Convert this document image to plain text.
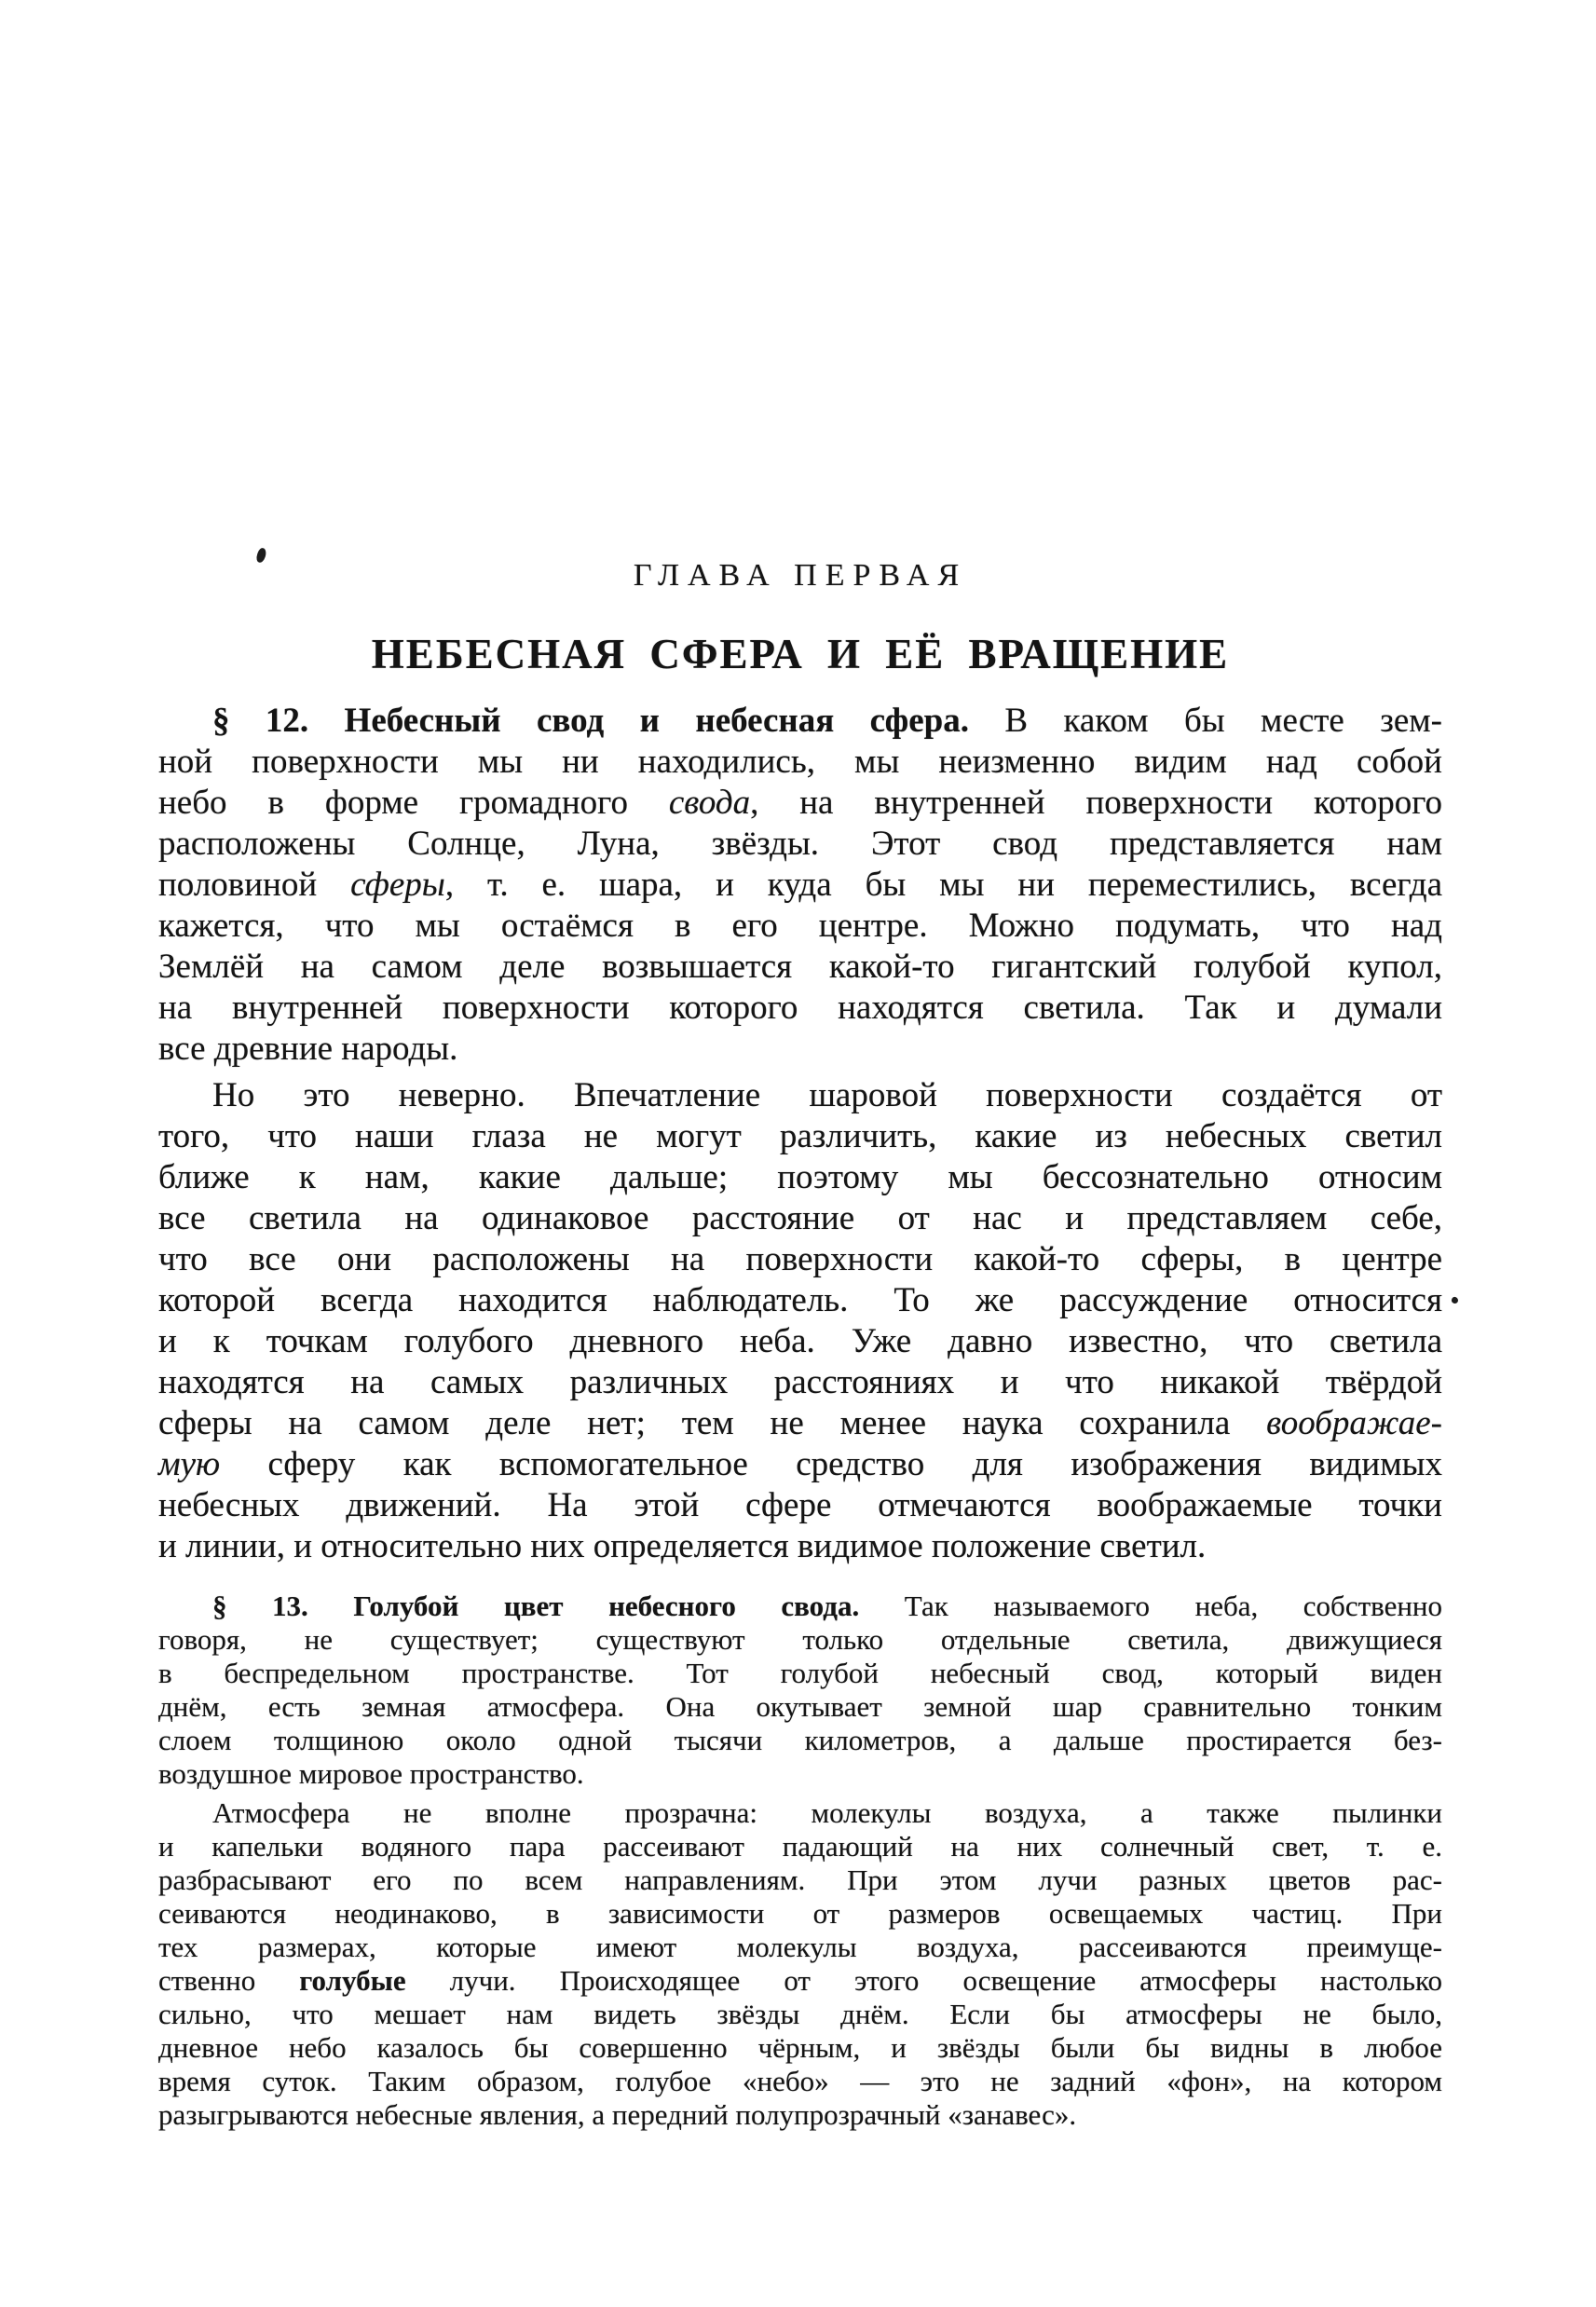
ГЛАВА ПЕРВАЯ
НЕБЕСНАЯ СФЕРА И ЕЁ ВРАЩЕНИЕ
§ 12. Небесный свод и небесная сфера. В каком бы месте зем-
ной поверхности мы ни находились, мы неизменно видим над собой
небо в форме громадного свода, на внутренней поверхности которого
расположены Солнце, Луна, звёзды. Этот свод представляется нам
половиной сферы, т. е. шара, и куда бы мы ни переместились, всегда
кажется, что мы остаёмся в его центре. Можно подумать, что над
Землёй на самом деле возвышается какой-то гигантский голубой купол,
на внутренней поверхности которого находятся светила. Так и думали
все древние народы.
Но это неверно. Впечатление шаровой поверхности создаётся от
того, что наши глаза не могут различить, какие из небесных светил
ближе к нам, какие дальше; поэтому мы бессознательно относим
все светила на одинаковое расстояние от нас и представляем себе,
что все они расположены на поверхности какой-то сферы, в центре
которой всегда находится наблюдатель. То же рассуждение относится
и к точкам голубого дневного неба. Уже давно известно, что светила
находятся на самых различных расстояниях и что никакой твёрдой
сферы на самом деле нет; тем не менее наука сохранила воображае-
мую сферу как вспомогательное средство для изображения видимых
небесных движений. На этой сфере отмечаются воображаемые точки
и линии, и относительно них определяется видимое положение светил.
§ 13. Голубой цвет небесного свода. Так называемого неба, собственно
говоря, не существует; существуют только отдельные светила, движущиеся
в беспредельном пространстве. Тот голубой небесный свод, который виден
днём, есть земная атмосфера. Она окутывает земной шар сравнительно тонким
слоем толщиною около одной тысячи километров, а дальше простирается без-
воздушное мировое пространство.
Атмосфера не вполне прозрачна: молекулы воздуха, а также пылинки
и капельки водяного пара рассеивают падающий на них солнечный свет, т. е.
разбрасывают его по всем направлениям. При этом лучи разных цветов рас-
сеиваются неодинаково, в зависимости от размеров освещаемых частиц. При
тех размерах, которые имеют молекулы воздуха, рассеиваются преимуще-
ственно голубые лучи. Происходящее от этого освещение атмосферы настолько
сильно, что мешает нам видеть звёзды днём. Если бы атмосферы не было,
дневное небо казалось бы совершенно чёрным, и звёзды были бы видны в любое
время суток. Таким образом, голубое «небо» — это не задний «фон», на котором
разыгрываются небесные явления, а передний полупрозрачный «занавес».
